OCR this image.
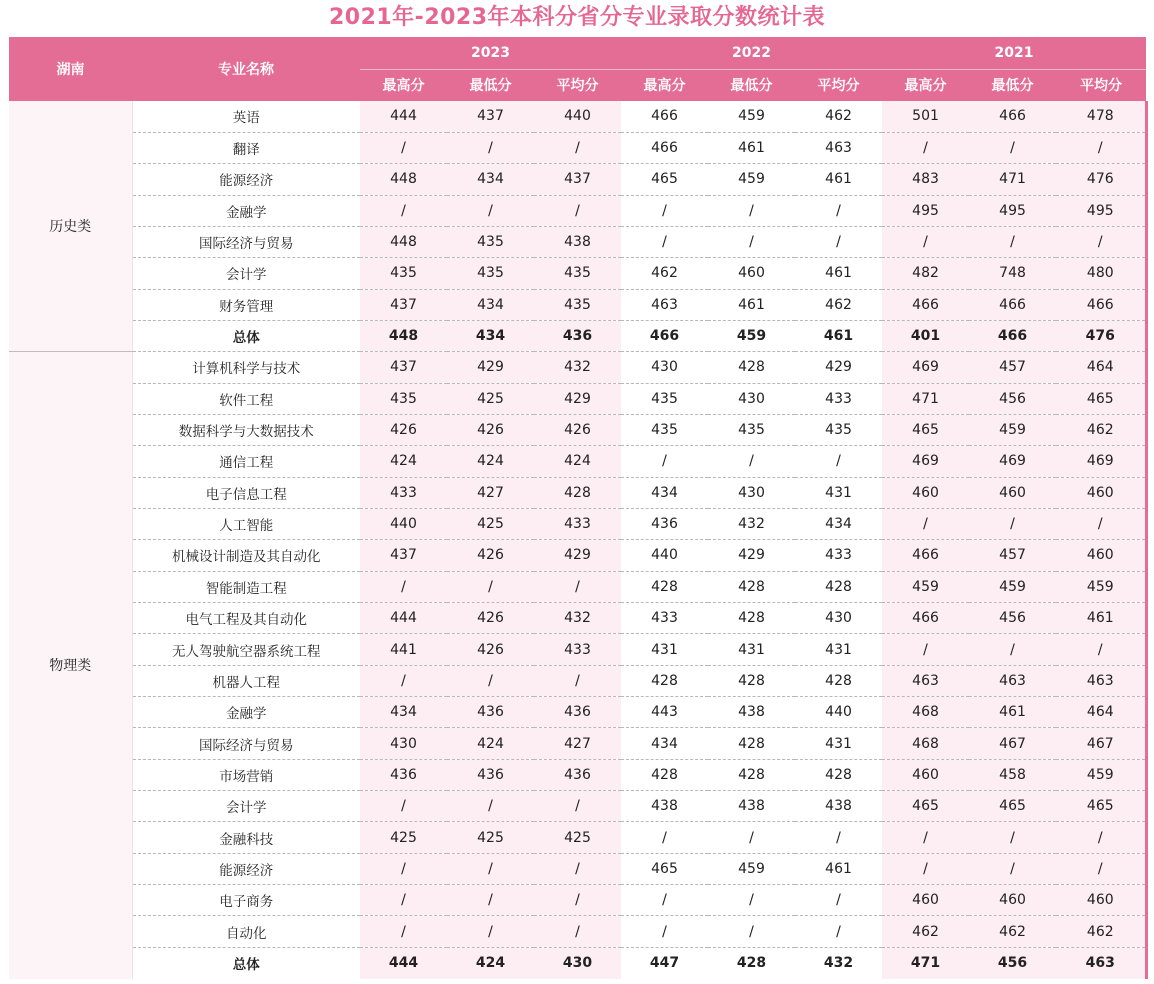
2021年-2023年本科分省分专业录取分数统计表
湖南	专业名称	2023			2022			2021		
		最高分	最低分	平均分	最高分	最低分	平均分	最高分	最低分	平均分
历史类	英语	444	437	440	466	459	462	501	466	478
	翻译	/	/	/	466	461	463	/	/	/
	能源经济	448	434	437	465	459	461	483	471	476
	金融学	/	/	/	/	/	/	495	495	495
	国际经济与贸易	448	435	438	/	/	/	/	/	/
	会计学	435	435	435	462	460	461	482	748	480
	财务管理	437	434	435	463	461	462	466	466	466
	总体	448	434	436	466	459	461	401	466	476
物理类	计算机科学与技术	437	429	432	430	428	429	469	457	464
	软件工程	435	425	429	435	430	433	471	456	465
	数据科学与大数据技术	426	426	426	435	435	435	465	459	462
	通信工程	424	424	424	/	/	/	469	469	469
	电子信息工程	433	427	428	434	430	431	460	460	460
	人工智能	440	425	433	436	432	434	/	/	/
	机械设计制造及其自动化	437	426	429	440	429	433	466	457	460
	智能制造工程	/	/	/	428	428	428	459	459	459
	电气工程及其自动化	444	426	432	433	428	430	466	456	461
	无人驾驶航空器系统工程	441	426	433	431	431	431	/	/	/
	机器人工程	/	/	/	428	428	428	463	463	463
	金融学	434	436	436	443	438	440	468	461	464
	国际经济与贸易	430	424	427	434	428	431	468	467	467
	市场营销	436	436	436	428	428	428	460	458	459
	会计学	/	/	/	438	438	438	465	465	465
	金融科技	425	425	425	/	/	/	/	/	/
	能源经济	/	/	/	465	459	461	/	/	/
	电子商务	/	/	/	/	/	/	460	460	460
	自动化	/	/	/	/	/	/	462	462	462
	总体	444	424	430	447	428	432	471	456	463
